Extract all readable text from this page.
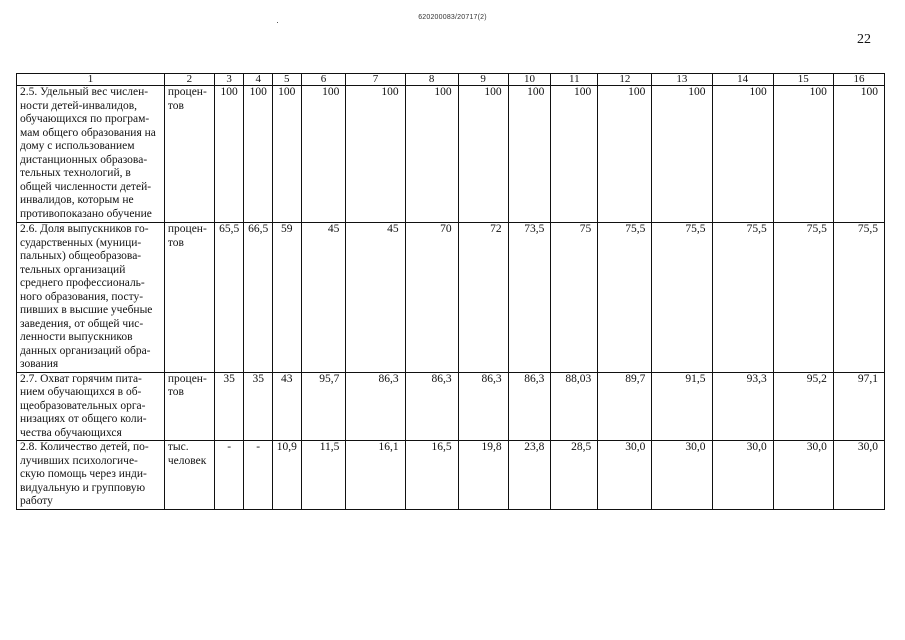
620200083/20717(2)
22
1	2	3	4	5	6	7	8	9	10	11	12	13	14	15	16
2.5. Удельный вес числен-ности детей-инвалидов, обучающихся по програм-мам общего образования на дому с использованием дистанционных образова-тельных технологий, в общей численности детей-инвалидов, которым не противопоказано обучение	процен-тов	100	100	100	100	100	100	100	100	100	100	100	100	100	100
2.6. Доля выпускников го-сударственных (муници-пальных) общеобразова-тельных организаций среднего профессиональ-ного образования, посту-пивших в высшие учебные заведения, от общей чис-ленности выпускников данных организаций обра-зования	процен-тов	65,5	66,5	59	45	45	70	72	73,5	75	75,5	75,5	75,5	75,5	75,5
2.7. Охват горячим пита-нием обучающихся в об-щеобразовательных орга-низациях от общего коли-чества обучающихся	процен-тов	35	35	43	95,7	86,3	86,3	86,3	86,3	88,03	89,7	91,5	93,3	95,2	97,1
2.8. Количество детей, по-лучивших психологиче-скую помощь через инди-видуальную и групповую работу	тыс. человек	-	-	10,9	11,5	16,1	16,5	19,8	23,8	28,5	30,0	30,0	30,0	30,0	30,0
